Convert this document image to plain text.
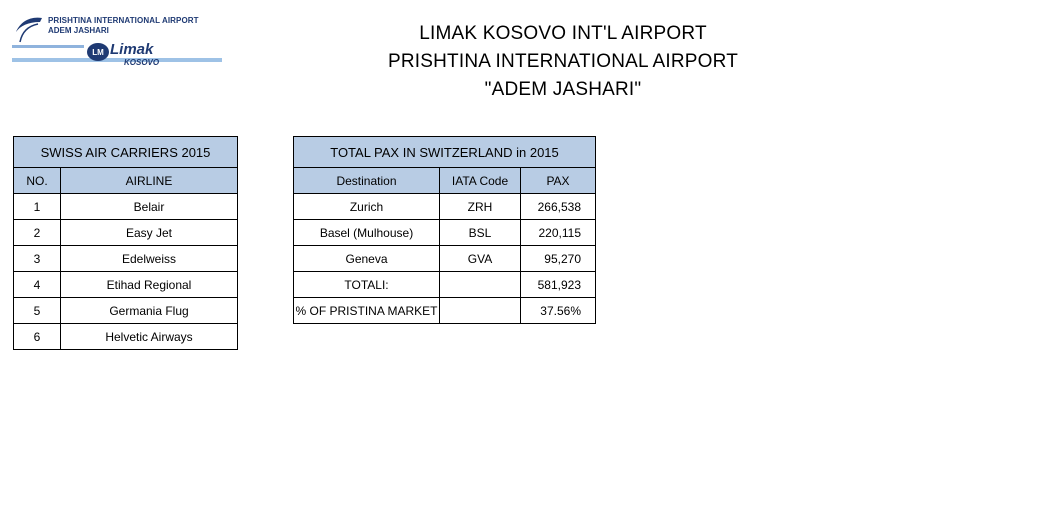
PRISHTINA INTERNATIONAL AIRPORT
ADEM JASHARI
LM Limak
KOSOVO
LIMAK KOSOVO INT'L AIRPORT
PRISHTINA INTERNATIONAL AIRPORT
"ADEM JASHARI"
SWISS AIR CARRIERS 2015	
NO.	AIRLINE
1	Belair
2	Easy Jet
3	Edelweiss
4	Etihad Regional
5	Germania Flug
6	Helvetic Airways
TOTAL PAX IN SWITZERLAND in 2015		
Destination	IATA Code	PAX
Zurich	ZRH	266,538
Basel (Mulhouse)	BSL	220,115
Geneva	GVA	95,270
TOTALI:		581,923
% OF PRISTINA MARKET		37.56%
